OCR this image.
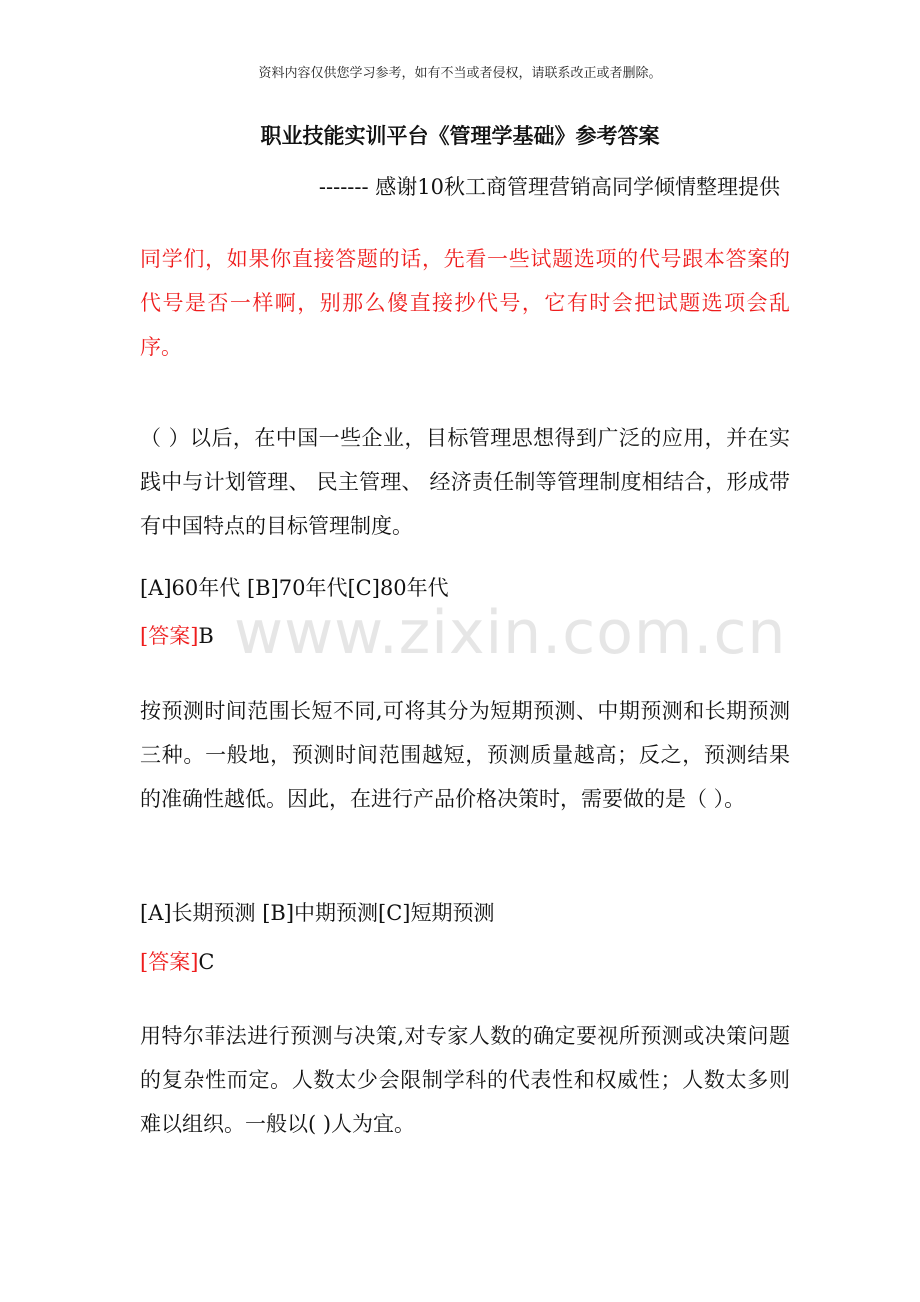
www.zixin.com.cn
资料内容仅供您学习参考，如有不当或者侵权，请联系改正或者删除。
职业技能实训平台《管理学基础》参考答案
------- 感谢10秋工商管理营销高同学倾情整理提供
同学们，如果你直接答题的话，先看一些试题选项的代号跟本答案的代号是否一样啊，别那么傻直接抄代号，它有时会把试题选项会乱序。
（ ）以后，在中国一些企业，目标管理思想得到广泛的应用，并在实践中与计划管理、 民主管理、 经济责任制等管理制度相结合，形成带有中国特点的目标管理制度。
[A]60年代 [B]70年代[C]80年代
[答案]B
按预测时间范围长短不同,可将其分为短期预测、中期预测和长期预测三种。一般地，预测时间范围越短，预测质量越高；反之，预测结果的准确性越低。因此，在进行产品价格决策时，需要做的是（ ）。
[A]长期预测 [B]中期预测[C]短期预测
[答案]C
用特尔菲法进行预测与决策,对专家人数的确定要视所预测或决策问题的复杂性而定。人数太少会限制学科的代表性和权威性；人数太多则难以组织。一般以( )人为宜。
